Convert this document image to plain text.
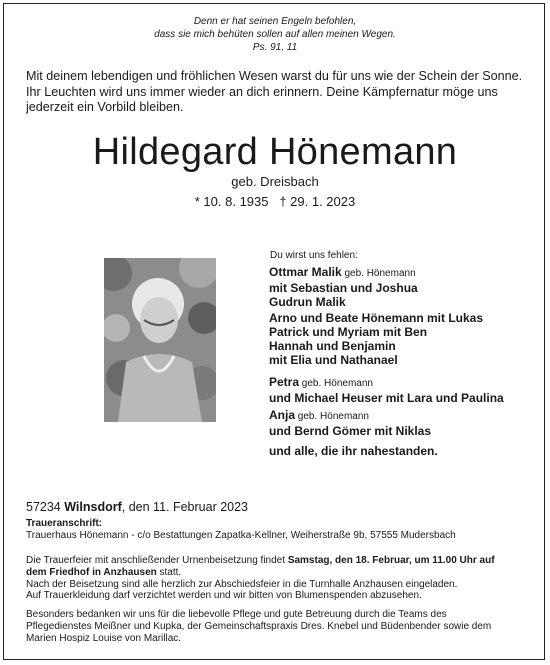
Denn er hat seinen Engeln befohlen,
dass sie mich behüten sollen auf allen meinen Wegen.
Ps. 91, 11
Mit deinem lebendigen und fröhlichen Wesen warst du für uns wie der Schein der Sonne.
Ihr Leuchten wird uns immer wieder an dich erinnern. Deine Kämpfernatur möge uns
jederzeit ein Vorbild bleiben.
Hildegard Hönemann
geb. Dreisbach
* 10. 8. 1935   † 29. 1. 2023
Du wirst uns fehlen:
Ottmar Malik geb. Hönemann
mit Sebastian und Joshua
Gudrun Malik
Arno und Beate Hönemann mit Lukas
Patrick und Myriam mit Ben
Hannah und Benjamin
mit Elia und Nathanael
Petra geb. Hönemann
und Michael Heuser mit Lara und Paulina
Anja geb. Hönemann
und Bernd Gömer mit Niklas
und alle, die ihr nahestanden.
57234 Wilnsdorf, den 11. Februar 2023
Traueranschrift:
Trauerhaus Hönemann - c/o Bestattungen Zapatka-Kellner, Weiherstraße 9b, 57555 Mudersbach
Die Trauerfeier mit anschließender Urnenbeisetzung findet Samstag, den 18. Februar, um 11.00 Uhr auf
dem Friedhof in Anzhausen statt.
Nach der Beisetzung sind alle herzlich zur Abschiedsfeier in die Turnhalle Anzhausen eingeladen.
Auf Trauerkleidung darf verzichtet werden und wir bitten von Blumenspenden abzusehen.
Besonders bedanken wir uns für die liebevolle Pflege und gute Betreuung durch die Teams des
Pflegedienstes Meißner und Kupka, der Gemeinschaftspraxis Dres. Knebel und Büdenbender sowie dem
Marien Hospiz Louise von Marillac.
